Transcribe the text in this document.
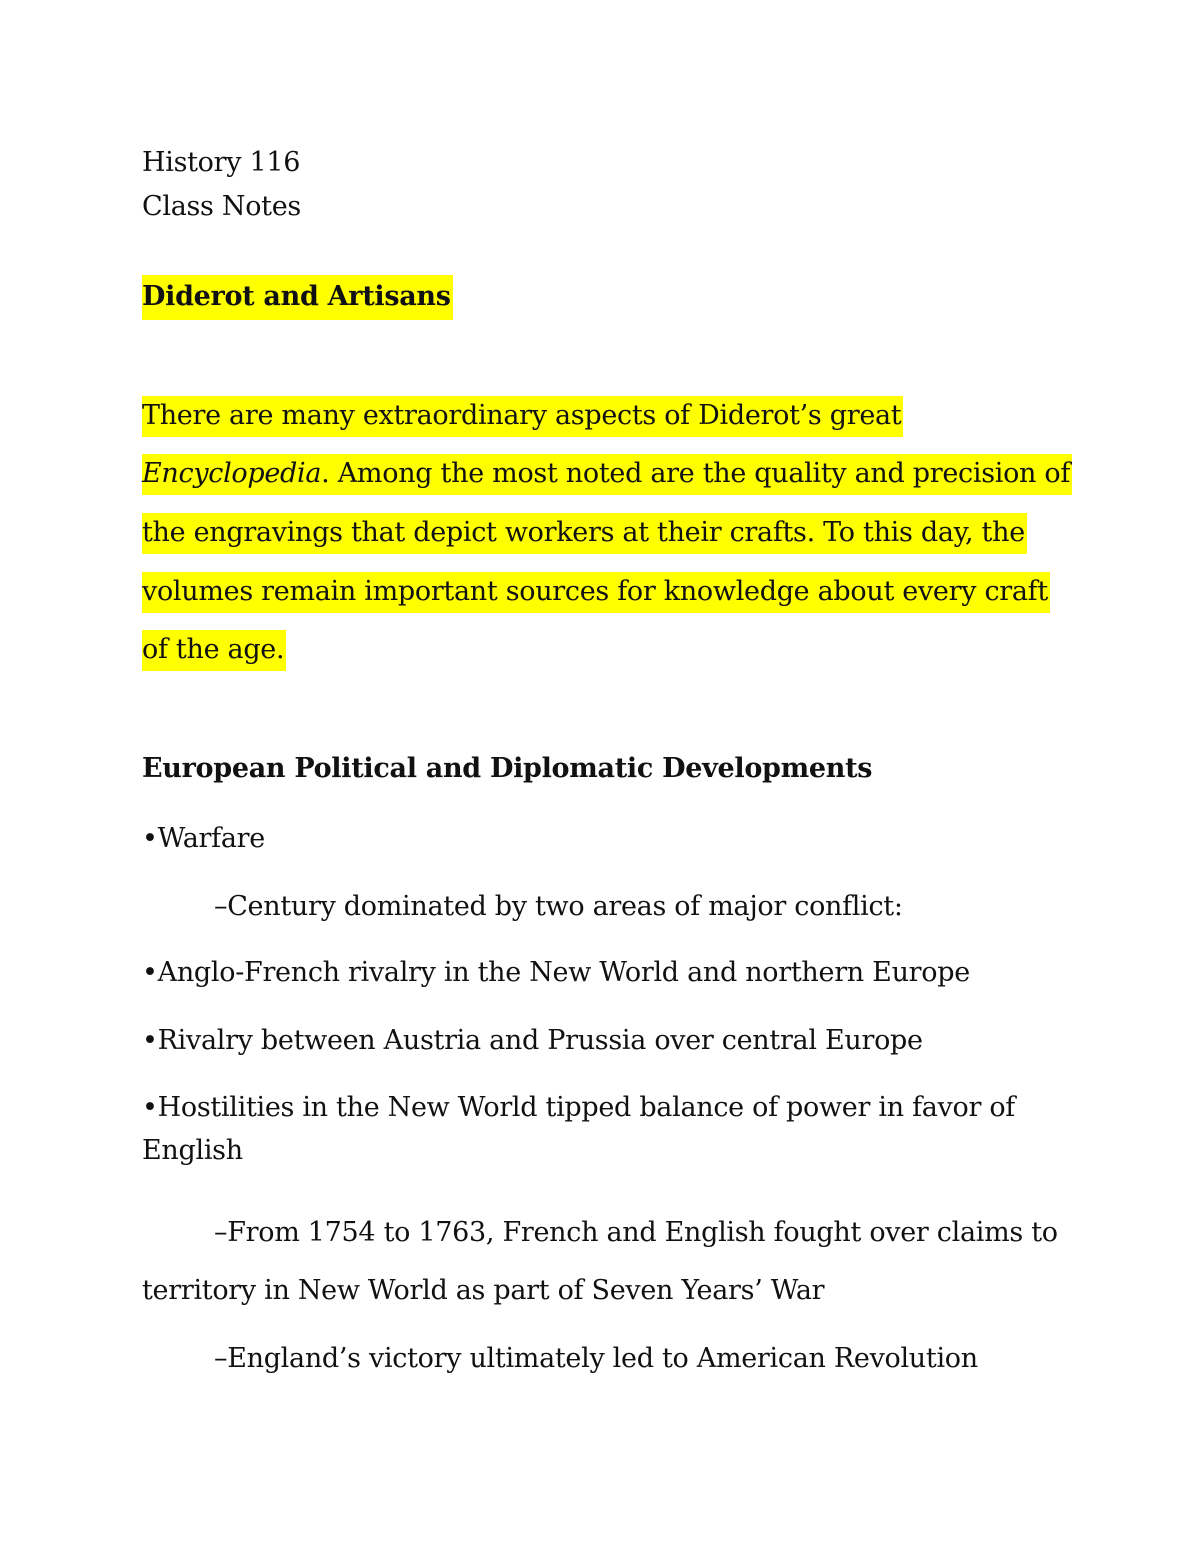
History 116
Class Notes
Diderot and Artisans
There are many extraordinary aspects of Diderot’s great
Encyclopedia. Among the most noted are the quality and precision of
the engravings that depict workers at their crafts. To this day, the
volumes remain important sources for knowledge about every craft
of the age.
European Political and Diplomatic Developments
•Warfare
–Century dominated by two areas of major conflict:
•Anglo-French rivalry in the New World and northern Europe
•Rivalry between Austria and Prussia over central Europe
•Hostilities in the New World tipped balance of power in favor of
English
–From 1754 to 1763, French and English fought over claims to
territory in New World as part of Seven Years’ War
–England’s victory ultimately led to American Revolution
